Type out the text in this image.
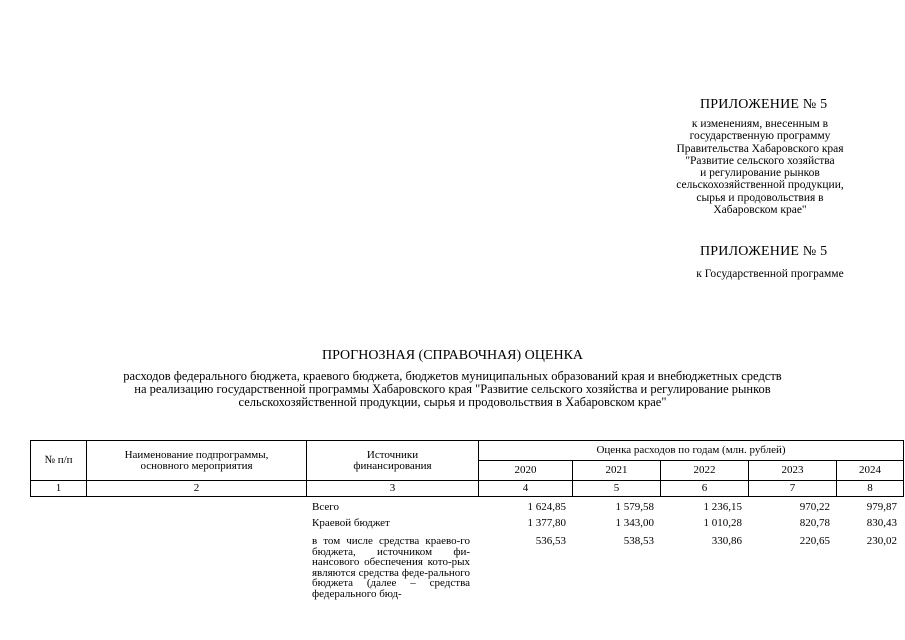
ПРИЛОЖЕНИЕ № 5
к изменениям, внесенным в
государственную программу
Правительства Хабаровского края
"Развитие сельского хозяйства
и регулирование рынков
сельскохозяйственной продукции,
сырья и продовольствия в
Хабаровском крае"
ПРИЛОЖЕНИЕ № 5
к Государственной программе
ПРОГНОЗНАЯ (СПРАВОЧНАЯ) ОЦЕНКА
расходов федерального бюджета, краевого бюджета, бюджетов муниципальных образований края и внебюджетных средств
на реализацию государственной программы Хабаровского края "Развитие сельского хозяйства и регулирование рынков
сельскохозяйственной продукции, сырья и продовольствия в Хабаровском крае"
№ п/п	Наименование подпрограммы, основного мероприятия	Источники финансирования	Оценка расходов по годам (млн. рублей)				
			2020	2021	2022	2023	2024
1	2	3	4	5	6	7	8
		Всего	1 624,85	1 579,58	1 236,15	970,22	979,87
		Краевой бюджет	1 377,80	1 343,00	1 010,28	820,78	830,43
		в том числе средства краево-го бюджета, источником фи-нансового обеспечения кото-рых являются средства феде-рального бюджета (далее – средства федерального бюд-	536,53	538,53	330,86	220,65	230,02
